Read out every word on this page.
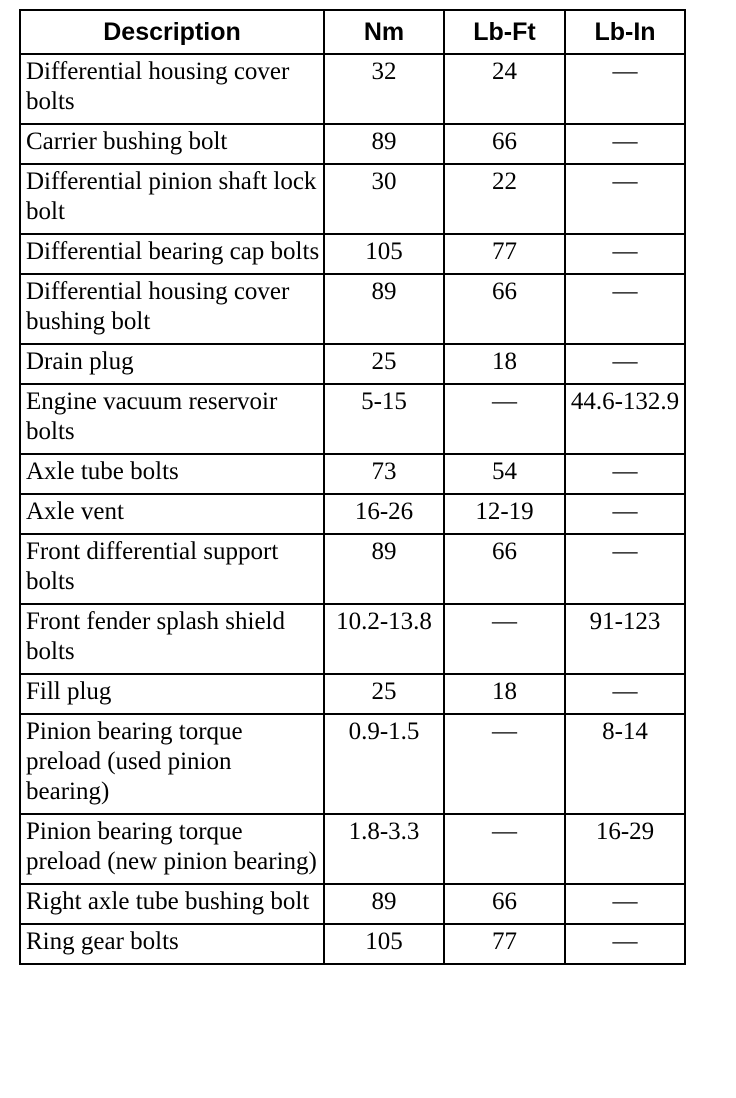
Description	Nm	Lb-Ft	Lb-In
Differential housing cover bolts	32	24	—
Carrier bushing bolt	89	66	—
Differential pinion shaft lock bolt	30	22	—
Differential bearing cap bolts	105	77	—
Differential housing cover bushing bolt	89	66	—
Drain plug	25	18	—
Engine vacuum reservoir bolts	5-15	—	44.6-132.9
Axle tube bolts	73	54	—
Axle vent	16-26	12-19	—
Front differential support bolts	89	66	—
Front fender splash shield bolts	10.2-13.8	—	91-123
Fill plug	25	18	—
Pinion bearing torque preload (used pinion bearing)	0.9-1.5	—	8-14
Pinion bearing torque preload (new pinion bearing)	1.8-3.3	—	16-29
Right axle tube bushing bolt	89	66	—
Ring gear bolts	105	77	—
